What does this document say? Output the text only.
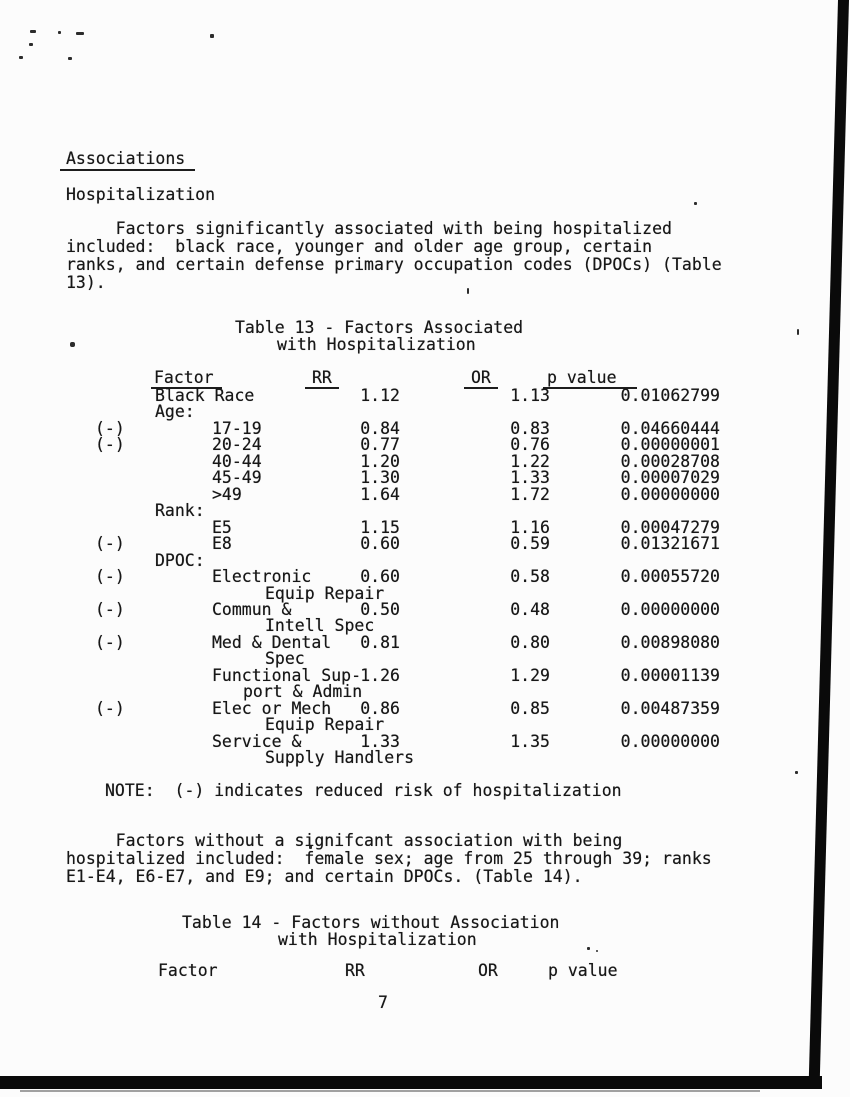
Associations
Hospitalization
Factors significantly associated with being hospitalized
included:  black race, younger and older age group, certain
ranks, and certain defense primary occupation codes (DPOCs) (Table
13).
Table 13 - Factors Associated
with Hospitalization
Factor	RR	OR	p value
Black Race	1.12	1.13	0.01062799
Age:
(-)	17-19	0.84	0.83	0.04660444
(-)	20-24	0.77	0.76	0.00000001
40-44	1.20	1.22	0.00028708
45-49	1.30	1.33	0.00007029
>49	1.64	1.72	0.00000000
Rank:
E5	1.15	1.16	0.00047279
(-)	E8	0.60	0.59	0.01321671
DPOC:
(-)	Electronic	0.60	0.58	0.00055720
Equip Repair
(-)	Commun &	0.50	0.48	0.00000000
Intell Spec
(-)	Med & Dental 0.81	0.80	0.00898080
Spec
Functional Sup- 1.26	1.29	0.00001139
port & Admin
(-)	Elec or Mech 0.86	0.85	0.00487359
Equip Repair
Service &	1.33	1.35	0.00000000
Supply Handlers
NOTE:  (-) indicates reduced risk of hospitalization
Factors without a signifcant association with being
hospitalized included:  female sex; age from 25 through 39; ranks
E1-E4, E6-E7, and E9; and certain DPOCs. (Table 14).
Table 14 - Factors without Association
with Hospitalization
Factor	RR	OR	p value
7
